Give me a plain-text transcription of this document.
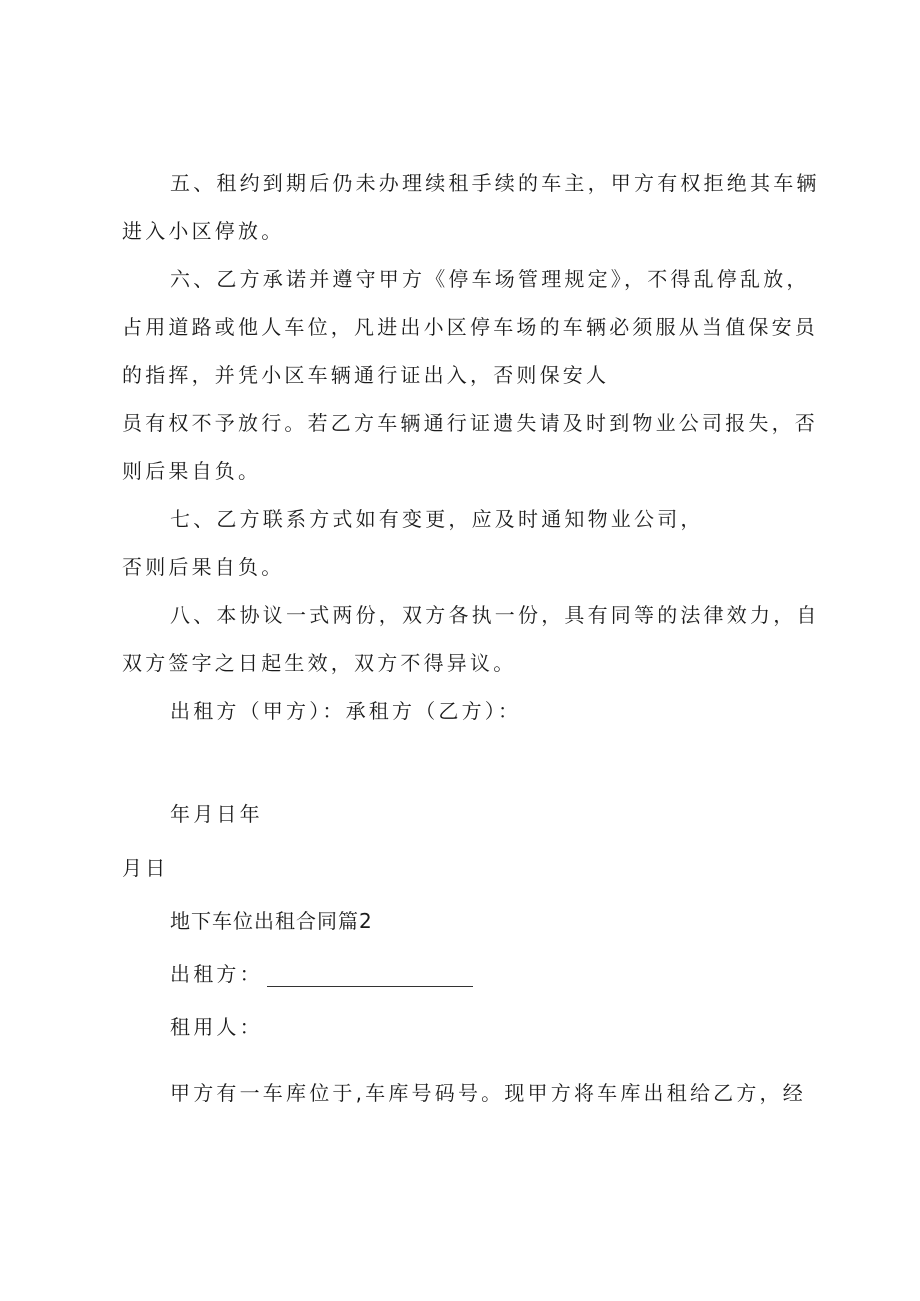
五、租约到期后仍未办理续租手续的车主，甲方有权拒绝其车辆
进入小区停放。
六、乙方承诺并遵守甲方《停车场管理规定》，不得乱停乱放，
占用道路或他人车位，凡进出小区停车场的车辆必须服从当值保安员
的指挥，并凭小区车辆通行证出入，否则保安人
员有权不予放行。若乙方车辆通行证遗失请及时到物业公司报失，否
则后果自负。
七、乙方联系方式如有变更，应及时通知物业公司，
否则后果自负。
八、本协议一式两份，双方各执一份，具有同等的法律效力，自
双方签字之日起生效，双方不得异议。
出租方（甲方）：承租方（乙方）：
年月日年
月日
地下车位出租合同篇2
出租方：
租用人：
甲方有一车库位于,车库号码号。现甲方将车库出租给乙方，经
